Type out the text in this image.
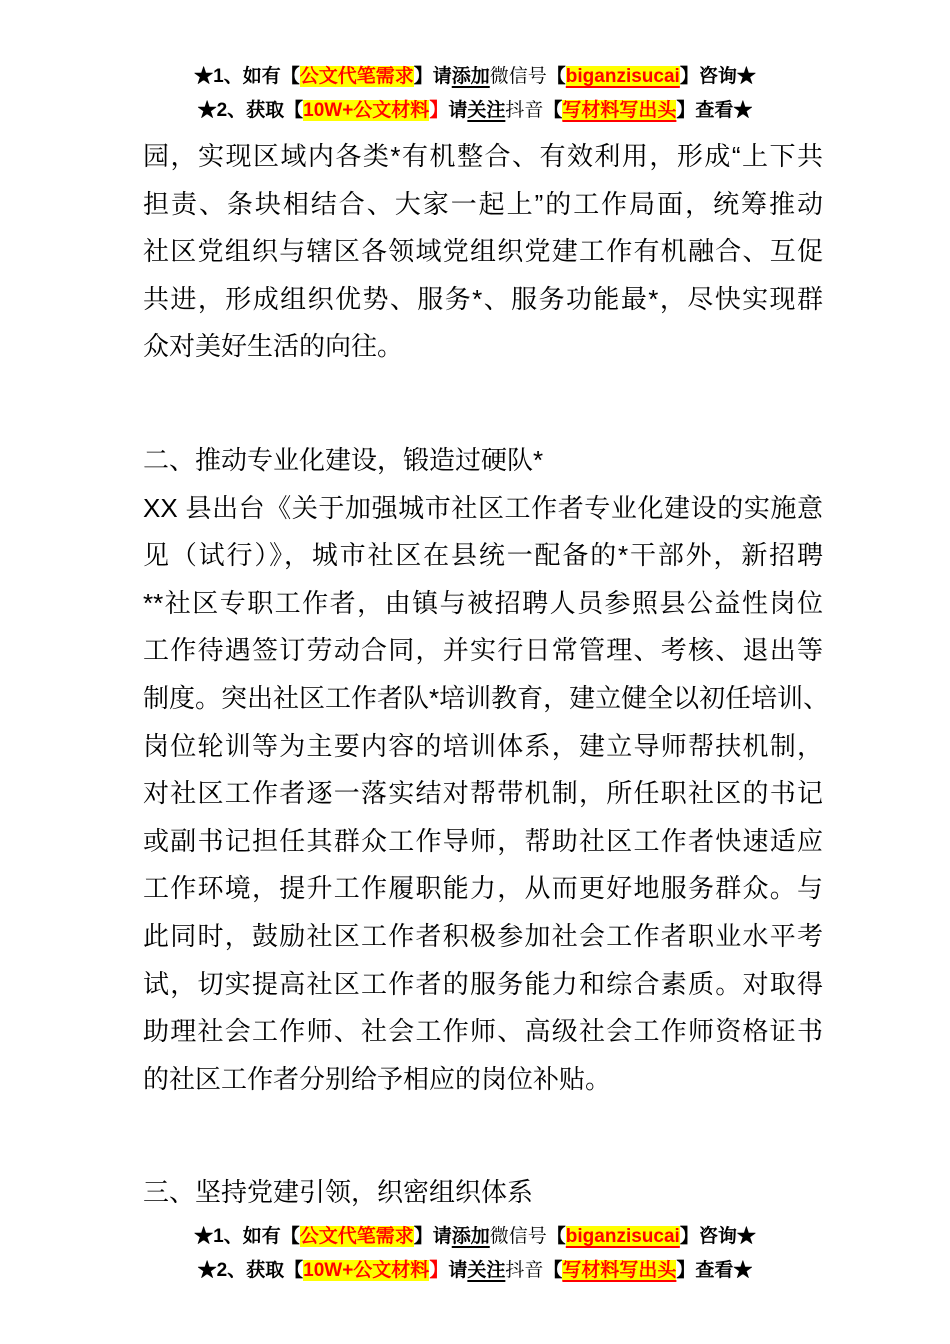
★1、如有【公文代笔需求】请添加微信号【biganzisucai】咨询★
★2、获取【10W+公文材料】请关注抖音【写材料写出头】查看★
园，实现区域内各类*有机整合、有效利用，形成“上下共
担责、条块相结合、大家一起上”的工作局面，统筹推动
社区党组织与辖区各领域党组织党建工作有机融合、互促
共进，形成组织优势、服务*、服务功能最*，尽快实现群
众对美好生活的向往。
二、推动专业化建设，锻造过硬队*
XX 县出台《关于加强城市社区工作者专业化建设的实施意
见（试行）》，城市社区在县统一配备的*干部外，新招聘
**社区专职工作者，由镇与被招聘人员参照县公益性岗位
工作待遇签订劳动合同，并实行日常管理、考核、退出等
制度。突出社区工作者队*培训教育，建立健全以初任培训、
岗位轮训等为主要内容的培训体系，建立导师帮扶机制，
对社区工作者逐一落实结对帮带机制，所任职社区的书记
或副书记担任其群众工作导师，帮助社区工作者快速适应
工作环境，提升工作履职能力，从而更好地服务群众。与
此同时，鼓励社区工作者积极参加社会工作者职业水平考
试，切实提高社区工作者的服务能力和综合素质。对取得
助理社会工作师、社会工作师、高级社会工作师资格证书
的社区工作者分别给予相应的岗位补贴。
三、坚持党建引领，织密组织体系
★1、如有【公文代笔需求】请添加微信号【biganzisucai】咨询★
★2、获取【10W+公文材料】请关注抖音【写材料写出头】查看★
